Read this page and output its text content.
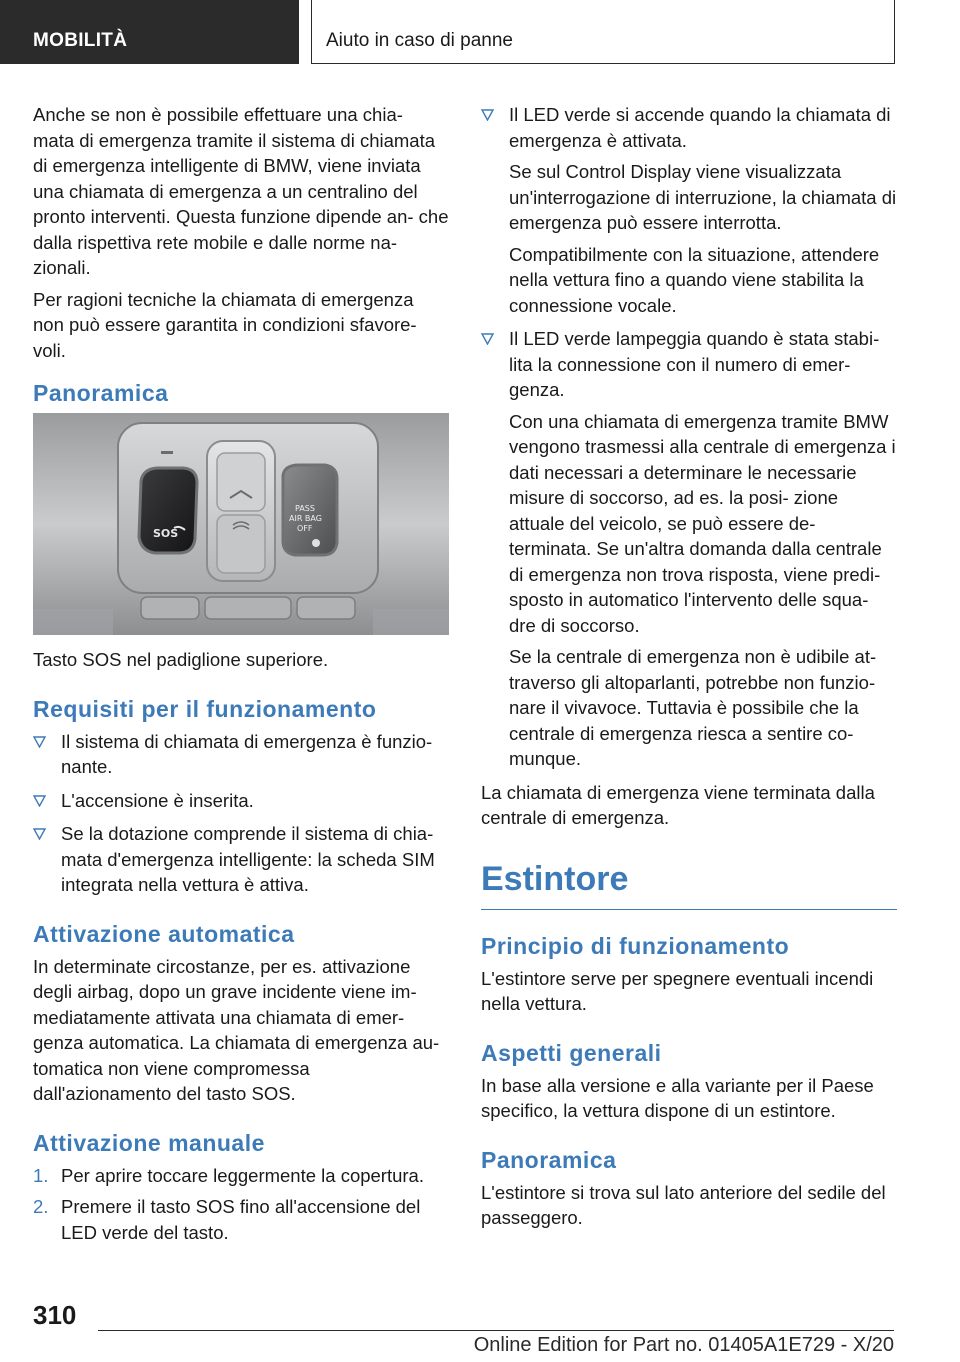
MOBILITÀ	Aiuto in caso di panne

Anche se non è possibile effettuare una chia- mata di emergenza tramite il sistema di chiamata di emergenza intelligente di BMW, viene inviata una chiamata di emergenza a un centralino del pronto interventi. Questa funzione dipende an- che dalla rispettiva rete mobile e dalle norme na- zionali.

Per ragioni tecniche la chiamata di emergenza non può essere garantita in condizioni sfavore- voli.

Panoramica
SOS
PASS
AIR BAG
OFF

Tasto SOS nel padiglione superiore.

Requisiti per il funzionamento
Il sistema di chiamata di emergenza è funzio- nante.
L'accensione è inserita.
Se la dotazione comprende il sistema di chia- mata d'emergenza intelligente: la scheda SIM integrata nella vettura è attiva.
Attivazione automatica

In determinate circostanze, per es. attivazione degli airbag, dopo un grave incidente viene im- mediatamente attivata una chiamata di emer- genza automatica. La chiamata di emergenza au- tomatica non viene compromessa dall'azionamento del tasto SOS.

Attivazione manuale
1. Per aprire toccare leggermente la copertura.
2. Premere il tasto SOS fino all'accensione del LED verde del tasto.

Il LED verde si accende quando la chiamata di emergenza è attivata.

Se sul Control Display viene visualizzata un'interrogazione di interruzione, la chiamata di emergenza può essere interrotta.

Compatibilmente con la situazione, attendere nella vettura fino a quando viene stabilita la connessione vocale.

Il LED verde lampeggia quando è stata stabi- lita la connessione con il numero di emer- genza.

Con una chiamata di emergenza tramite BMW vengono trasmessi alla centrale di emergenza i dati necessari a determinare le necessarie misure di soccorso, ad es. la posi- zione attuale del veicolo, se può essere de- terminata. Se un'altra domanda dalla centrale di emergenza non trova risposta, viene predi- sposto in automatico l'intervento delle squa- dre di soccorso.

Se la centrale di emergenza non è udibile at- traverso gli altoparlanti, potrebbe non funzio- nare il vivavoce. Tuttavia è possibile che la centrale di emergenza riesca a sentire co- munque.

La chiamata di emergenza viene terminata dalla centrale di emergenza.

Estintore
Principio di funzionamento

L'estintore serve per spegnere eventuali incendi nella vettura.

Aspetti generali

In base alla versione e alla variante per il Paese specifico, la vettura dispone di un estintore.

Panoramica

L'estintore si trova sul lato anteriore del sedile del passeggero.

310
Online Edition for Part no. 01405A1E729 - X/20
